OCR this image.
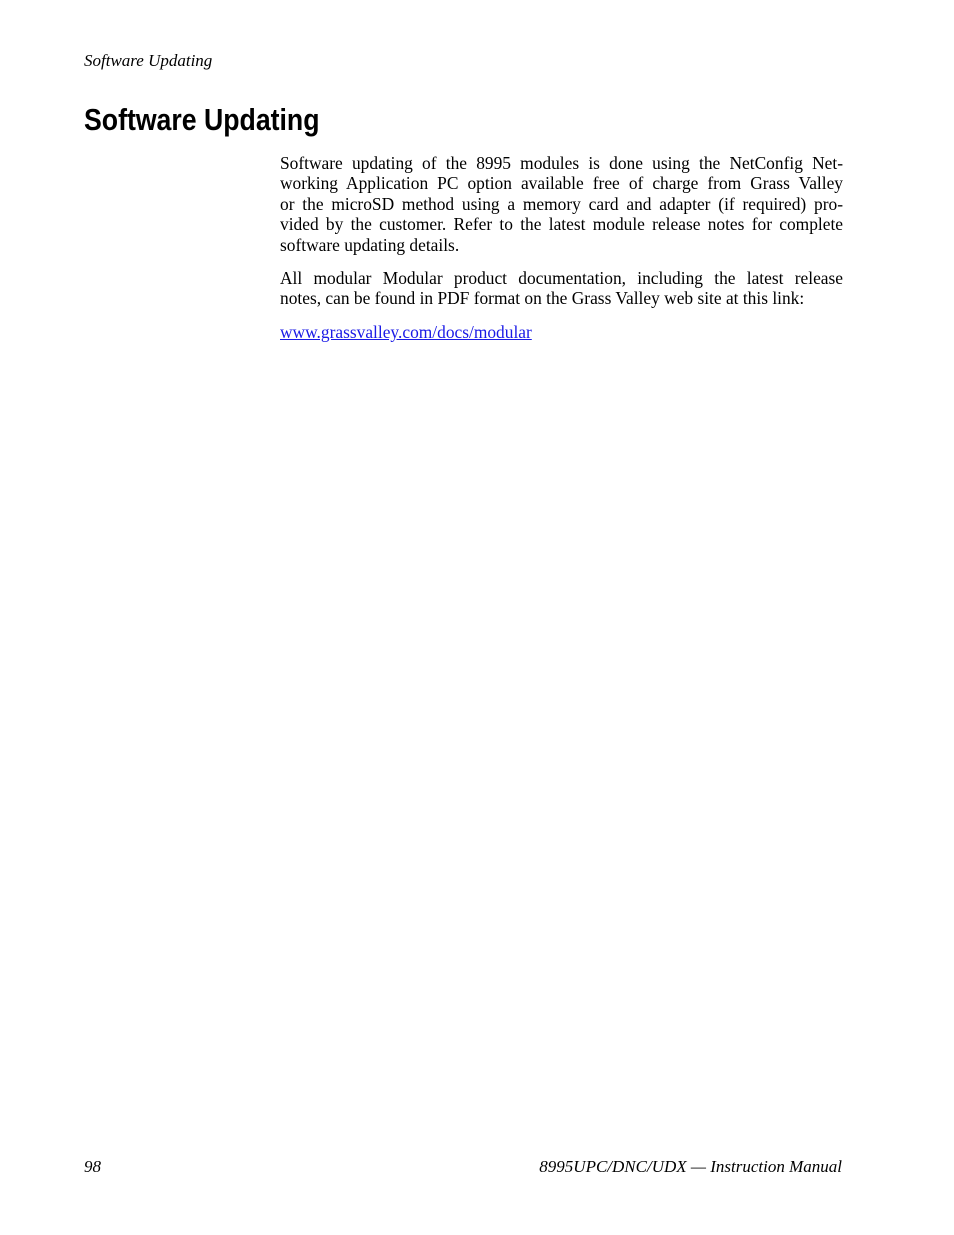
Software Updating
Software Updating

Software updating of the 8995 modules is done using the NetConfig Net-
working Application PC option available free of charge from Grass Valley
or the microSD method using a memory card and adapter (if required) pro-
vided by the customer. Refer to the latest module release notes for complete
software updating details.

All modular Modular product documentation, including the latest release
notes, can be found in PDF format on the Grass Valley web site at this link:

www.grassvalley.com/docs/modular

98	8995UPC/DNC/UDX — Instruction Manual
